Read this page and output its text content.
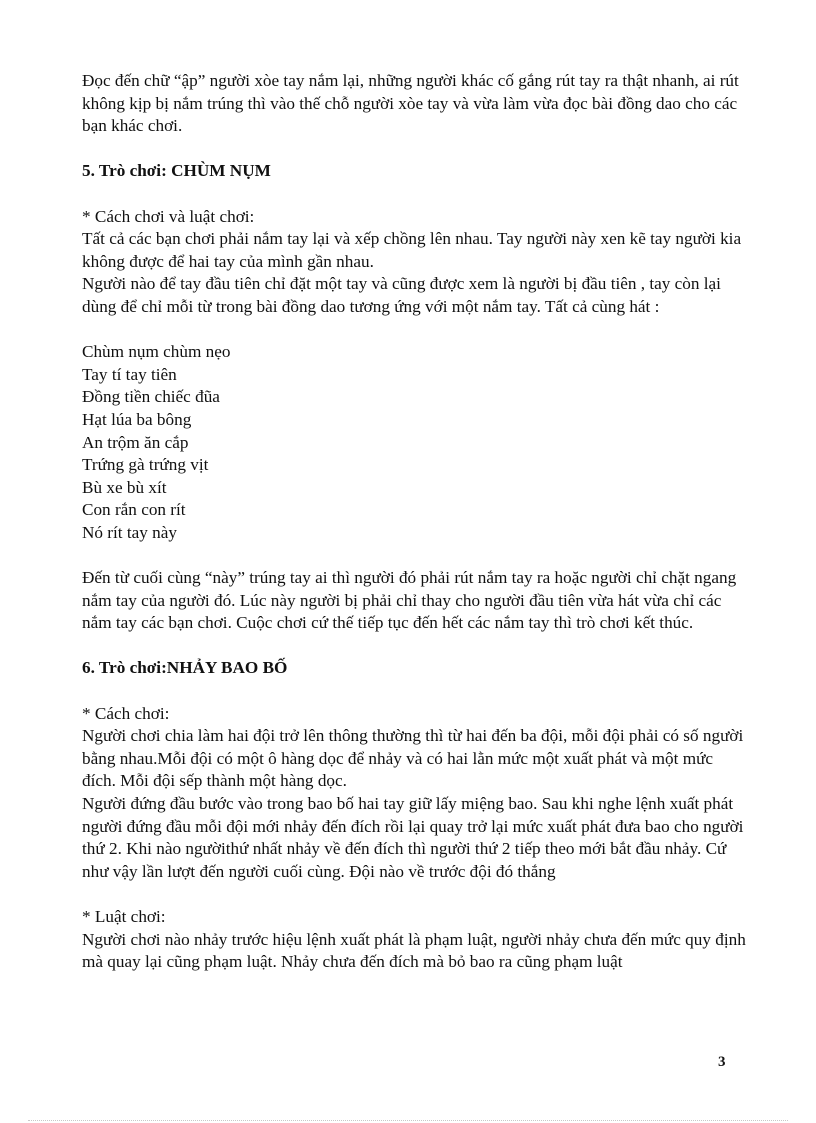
Đọc đến chữ “ập” người xòe tay nắm lại, những người khác cố gắng rút tay ra thật nhanh, ai rút không kịp bị nắm trúng thì vào thế chỗ người xòe tay và vừa làm vừa đọc bài đồng dao cho các bạn khác chơi.

5. Trò chơi: CHÙM NỤM

* Cách chơi và luật chơi:

Tất cả các bạn chơi phải nắm tay lại và xếp chồng lên nhau. Tay người này xen kẽ tay người kia không được để hai tay của mình gần nhau.

Người nào để tay đầu tiên chỉ đặt một tay và cũng được xem là người bị đầu tiên , tay còn lại dùng để chỉ mỗi từ trong bài đồng dao tương ứng với một nắm tay. Tất cả cùng hát :

Chùm nụm chùm nẹo

Tay tí tay tiên

Đồng tiền chiếc đũa

Hạt lúa ba bông

An trộm ăn cắp

Trứng gà trứng vịt

Bù xe bù xít

Con rắn con rít

Nó rít tay này

Đến từ cuối cùng “này” trúng tay ai thì người đó phải rút nắm tay ra hoặc người chỉ chặt ngang nắm tay của người đó. Lúc này người bị phải chỉ thay cho người đầu tiên vừa hát vừa chỉ các nắm tay các bạn chơi. Cuộc chơi cứ thế tiếp tục đến hết các nắm tay thì trò chơi kết thúc.

6. Trò chơi:NHẢY BAO BỐ

* Cách chơi:

Người chơi chia làm hai đội trở lên thông thường thì từ hai đến ba đội, mỗi đội phải có số người bằng nhau.Mỗi đội có một ô hàng dọc để nhảy và có hai lằn mức một xuất phát và một mức đích. Mỗi đội sếp thành một hàng dọc.

Người đứng đầu bước vào trong bao bố hai tay giữ lấy miệng bao. Sau khi nghe lệnh xuất phát người đứng đầu mỗi đội mới nhảy đến đích rồi lại quay trở lại mức xuất phát đưa bao cho người thứ 2. Khi nào ngườithứ nhất nhảy về đến đích thì người thứ 2 tiếp theo mới bắt đầu nhảy. Cứ như vậy lần lượt đến người cuối cùng. Đội nào về trước đội đó thắng

* Luật chơi:

Người chơi nào nhảy trước hiệu lệnh xuất phát là phạm luật, người nhảy chưa đến mức quy định mà quay lại cũng phạm luật. Nhảy chưa đến đích mà bỏ bao ra cũng phạm luật

3
